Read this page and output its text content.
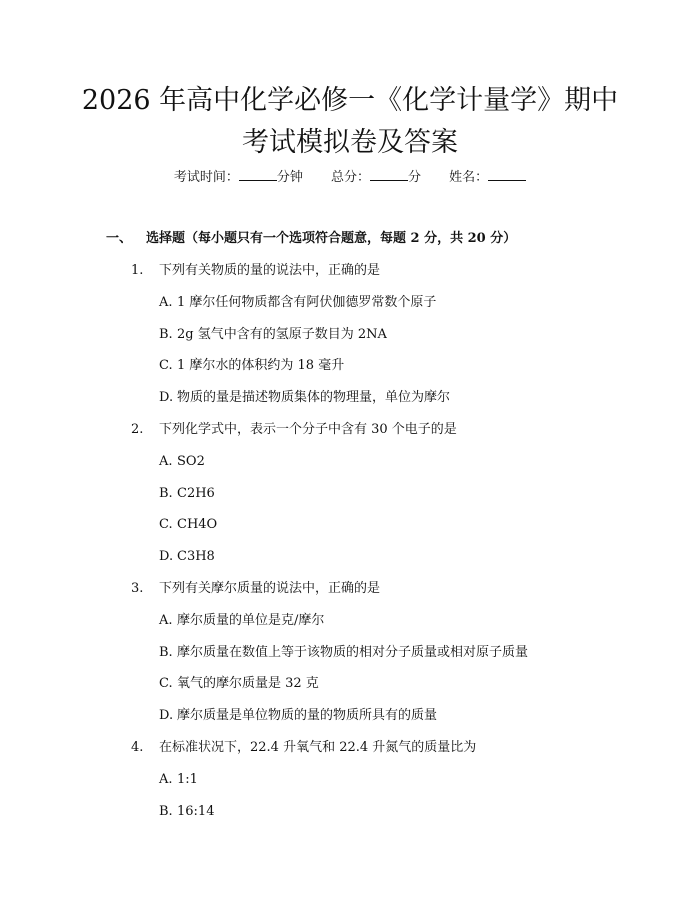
2026 年高中化学必修一《化学计量学》期中
考试模拟卷及答案
考试时间：	分钟 总分：	分 姓名：
一、 选择题（每小题只有一个选项符合题意，每题 2 分，共 20 分）
1. 下列有关物质的量的说法中，正确的是
A. 1 摩尔任何物质都含有阿伏伽德罗常数个原子
B. 2g 氢气中含有的氢原子数目为 2NA
C. 1 摩尔水的体积约为 18 毫升
D. 物质的量是描述物质集体的物理量，单位为摩尔
2. 下列化学式中，表示一个分子中含有 30 个电子的是
A. SO2
B. C2H6
C. CH4O
D. C3H8
3. 下列有关摩尔质量的说法中，正确的是
A. 摩尔质量的单位是克/摩尔
B. 摩尔质量在数值上等于该物质的相对分子质量或相对原子质量
C. 氧气的摩尔质量是 32 克
D. 摩尔质量是单位物质的量的物质所具有的质量
4. 在标准状况下，22.4 升氧气和 22.4 升氮气的质量比为
A. 1:1
B. 16:14
